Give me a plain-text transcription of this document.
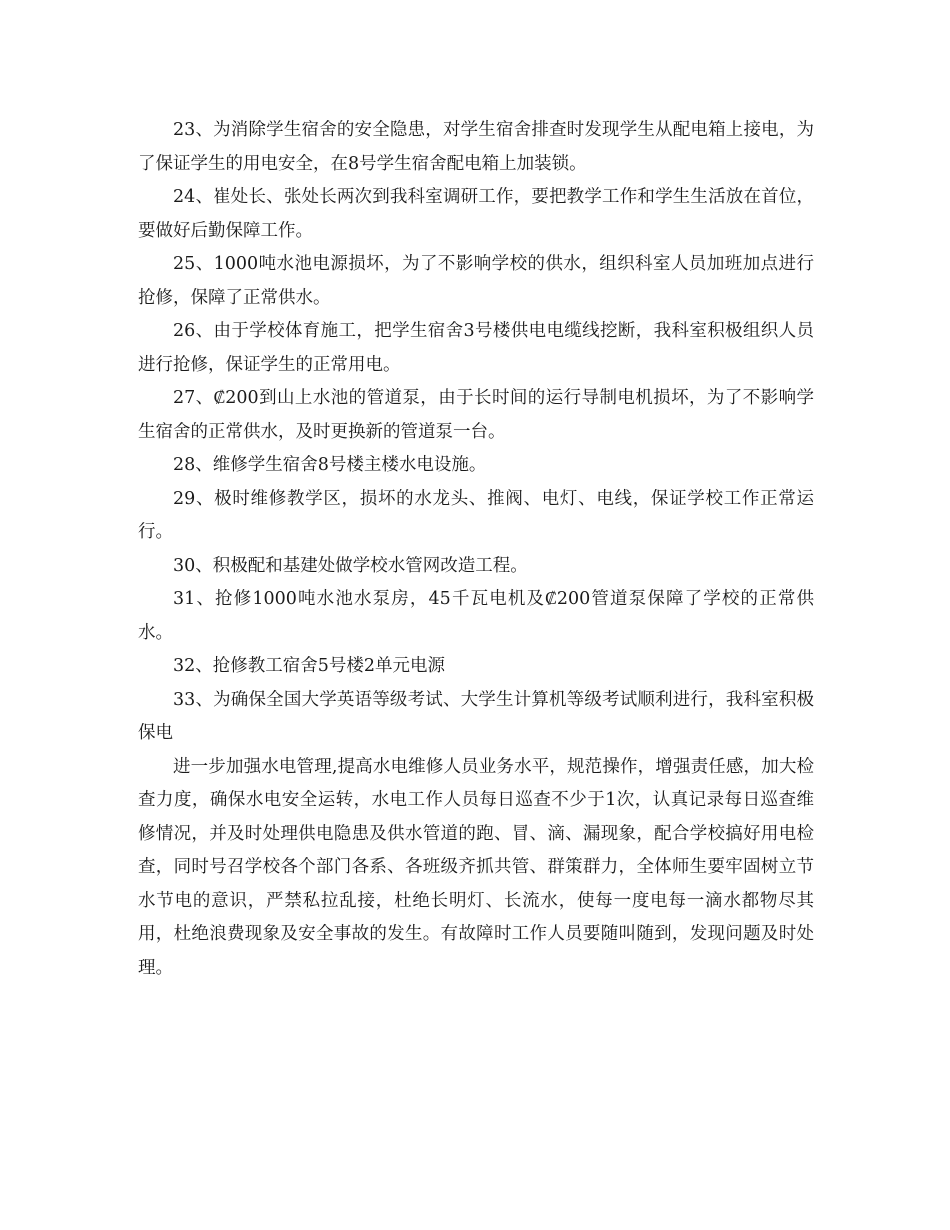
23、为消除学生宿舍的安全隐患，对学生宿舍排查时发现学生从配电箱上接电，为了保证学生的用电安全，在8号学生宿舍配电箱上加装锁。

24、崔处长、张处长两次到我科室调研工作，要把教学工作和学生生活放在首位，要做好后勤保障工作。

25、1000吨水池电源损坏，为了不影响学校的供水，组织科室人员加班加点进行抢修，保障了正常供水。

26、由于学校体育施工，把学生宿舍3号楼供电电缆线挖断，我科室积极组织人员进行抢修，保证学生的正常用电。

27、₡200到山上水池的管道泵，由于长时间的运行导制电机损坏，为了不影响学生宿舍的正常供水，及时更换新的管道泵一台。

28、维修学生宿舍8号楼主楼水电设施。

29、极时维修教学区，损坏的水龙头、推阀、电灯、电线，保证学校工作正常运行。

30、积极配和基建处做学校水管网改造工程。

31、抢修1000吨水池水泵房，45千瓦电机及₡200管道泵保障了学校的正常供水。

32、抢修教工宿舍5号楼2单元电源

33、为确保全国大学英语等级考试、大学生计算机等级考试顺利进行，我科室积极保电

进一步加强水电管理,提高水电维修人员业务水平，规范操作，增强责任感，加大检查力度，确保水电安全运转，水电工作人员每日巡查不少于1次，认真记录每日巡查维修情况，并及时处理供电隐患及供水管道的跑、冒、滴、漏现象，配合学校搞好用电检查，同时号召学校各个部门各系、各班级齐抓共管、群策群力，全体师生要牢固树立节水节电的意识，严禁私拉乱接，杜绝长明灯、长流水，使每一度电每一滴水都物尽其用，杜绝浪费现象及安全事故的发生。有故障时工作人员要随叫随到，发现问题及时处理。
